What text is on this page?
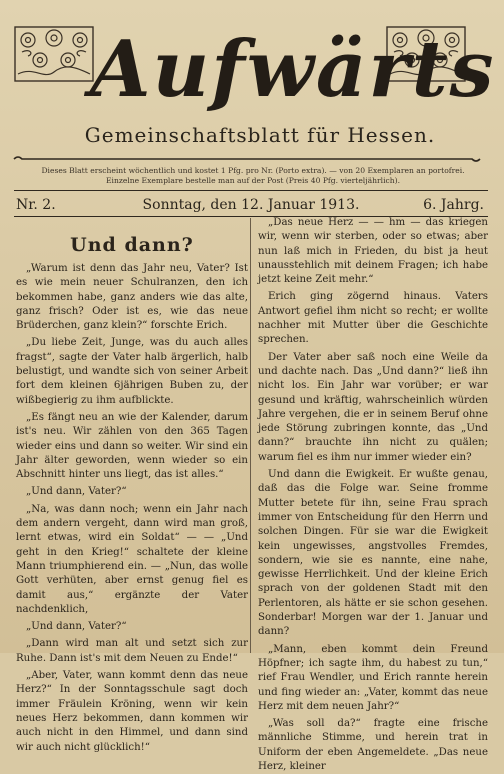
Aufwärts
Gemeinschaftsblatt für Hessen.
Dieses Blatt erscheint wöchentlich und kostet 1 Pfg. pro Nr. (Porto extra). — von 20 Exemplaren an portofrei.
Einzelne Exemplare bestelle man auf der Post (Preis 40 Pfg. vierteljährlich).
Nr. 2.	Sonntag, den 12. Januar 1913.	6. Jahrg.
Und dann?

„Warum ist denn das Jahr neu, Vater? Ist es wie mein neuer Schulranzen, den ich bekommen habe, ganz anders wie das alte, ganz frisch? Oder ist es, wie das neue Brüderchen, ganz klein?“ forschte Erich.

„Du liebe Zeit, Junge, was du auch alles fragst“, sagte der Vater halb ärgerlich, halb belustigt, und wandte sich von seiner Arbeit fort dem kleinen 6jährigen Buben zu, der wißbegierig zu ihm aufblickte.

„Es fängt neu an wie der Kalender, darum ist's neu. Wir zählen von den 365 Tagen wieder eins und dann so weiter. Wir sind ein Jahr älter geworden, wenn wieder so ein Abschnitt hinter uns liegt, das ist alles.“

„Und dann, Vater?“

„Na, was dann noch; wenn ein Jahr nach dem andern vergeht, dann wird man groß, lernt etwas, wird ein Soldat“ — — „Und geht in den Krieg!“ schaltete der kleine Mann triumphierend ein. — „Nun, das wolle Gott verhüten, aber ernst genug fiel es damit aus,“ ergänzte der Vater nachdenklich,

„Und dann, Vater?“

„Dann wird man alt und setzt sich zur Ruhe. Dann ist's mit dem Neuen zu Ende!“

„Aber, Vater, wann kommt denn das neue Herz?“ In der Sonntagsschule sagt doch immer Fräulein Kröning, wenn wir kein neues Herz bekommen, dann kommen wir auch nicht in den Himmel, und dann sind wir auch nicht glücklich!“

„Das neue Herz — — hm — das kriegen wir, wenn wir sterben, oder so etwas; aber nun laß mich in Frieden, du bist ja heut unausstehlich mit deinem Fragen; ich habe jetzt keine Zeit mehr.“

Erich ging zögernd hinaus. Vaters Antwort gefiel ihm nicht so recht; er wollte nachher mit Mutter über die Geschichte sprechen.

Der Vater aber saß noch eine Weile da und dachte nach. Das „Und dann?“ ließ ihn nicht los. Ein Jahr war vorüber; er war gesund und kräftig, wahrscheinlich würden Jahre vergehen, die er in seinem Beruf ohne jede Störung zubringen konnte, das „Und dann?“ brauchte ihn nicht zu quälen; warum fiel es ihm nur immer wieder ein?

Und dann die Ewigkeit. Er wußte genau, daß das die Folge war. Seine fromme Mutter betete für ihn, seine Frau sprach immer von Entscheidung für den Herrn und solchen Dingen. Für sie war die Ewigkeit kein ungewisses, angstvolles Fremdes, sondern, wie sie es nannte, eine nahe, gewisse Herrlichkeit. Und der kleine Erich sprach von der goldenen Stadt mit den Perlentoren, als hätte er sie schon gesehen. Sonderbar! Morgen war der 1. Januar und dann?

„Mann, eben kommt dein Freund Höpfner; ich sagte ihm, du habest zu tun,“ rief Frau Wendler, und Erich rannte herein und fing wieder an: „Vater, kommt das neue Herz mit dem neuen Jahr?“

„Was soll da?“ fragte eine frische männliche Stimme, und herein trat in Uniform der eben Angemeldete. „Das neue Herz, kleiner
